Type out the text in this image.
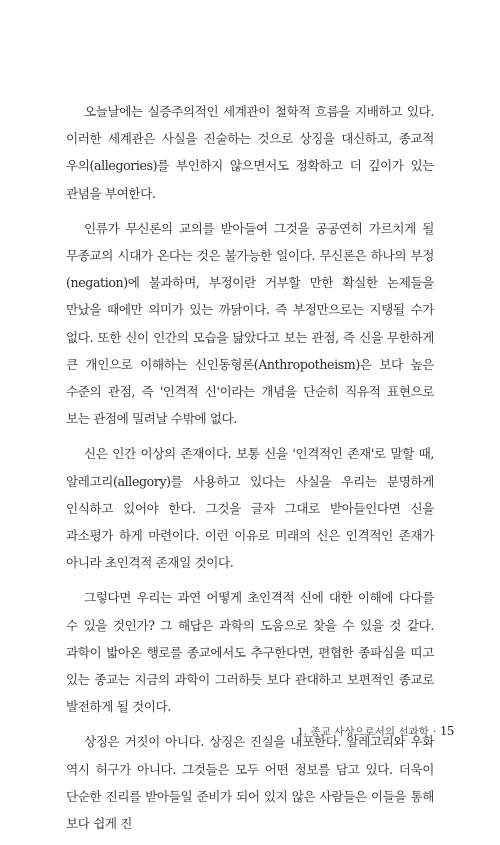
오늘날에는 실증주의적인 세계관이 철학적 흐름을 지배하고 있다. 이러한 세계관은 사실을 진술하는 것으로 상징을 대신하고, 종교적 우의(allegories)를 부인하지 않으면서도 정확하고 더 깊이가 있는 관념을 부여한다.

인류가 무신론의 교의를 받아들여 그것을 공공연히 가르치게 될 무종교의 시대가 온다는 것은 불가능한 일이다. 무신론은 하나의 부정(negation)에 불과하며, 부정이란 거부할 만한 확실한 논제들을 만났을 때에만 의미가 있는 까닭이다. 즉 부정만으로는 지탱될 수가 없다. 또한 신이 인간의 모습을 닮았다고 보는 관점, 즉 신을 무한하게 큰 개인으로 이해하는 신인동형론(Anthropotheism)은 보다 높은 수준의 관점, 즉 '인격적 신'이라는 개념을 단순히 직유적 표현으로 보는 관점에 밀려날 수밖에 없다.

신은 인간 이상의 존재이다. 보통 신을 '인격적인 존재'로 말할 때, 알레고리(allegory)를 사용하고 있다는 사실을 우리는 분명하게 인식하고 있어야 한다. 그것을 글자 그대로 받아들인다면 신을 과소평가 하게 마련이다. 이런 이유로 미래의 신은 인격적인 존재가 아니라 초인격적 존재일 것이다.

그렇다면 우리는 과연 어떻게 초인격적 신에 대한 이해에 다다를 수 있을 것인가? 그 해답은 과학의 도움으로 찾을 수 있을 것 같다. 과학이 밟아온 행로를 종교에서도 추구한다면, 편협한 종파심을 띠고 있는 종교는 지금의 과학이 그러하듯 보다 관대하고 보편적인 종교로 발전하게 될 것이다.

상징은 거짓이 아니다. 상징은 진실을 내포한다. 알레고리와 우화 역시 허구가 아니다. 그것들은 모두 어떤 정보를 담고 있다. 더욱이 단순한 진리를 받아들일 준비가 되어 있지 않은 사람들은 이들을 통해 보다 쉽게 진

1. 종교 사상으로서의 선과학 · 15
